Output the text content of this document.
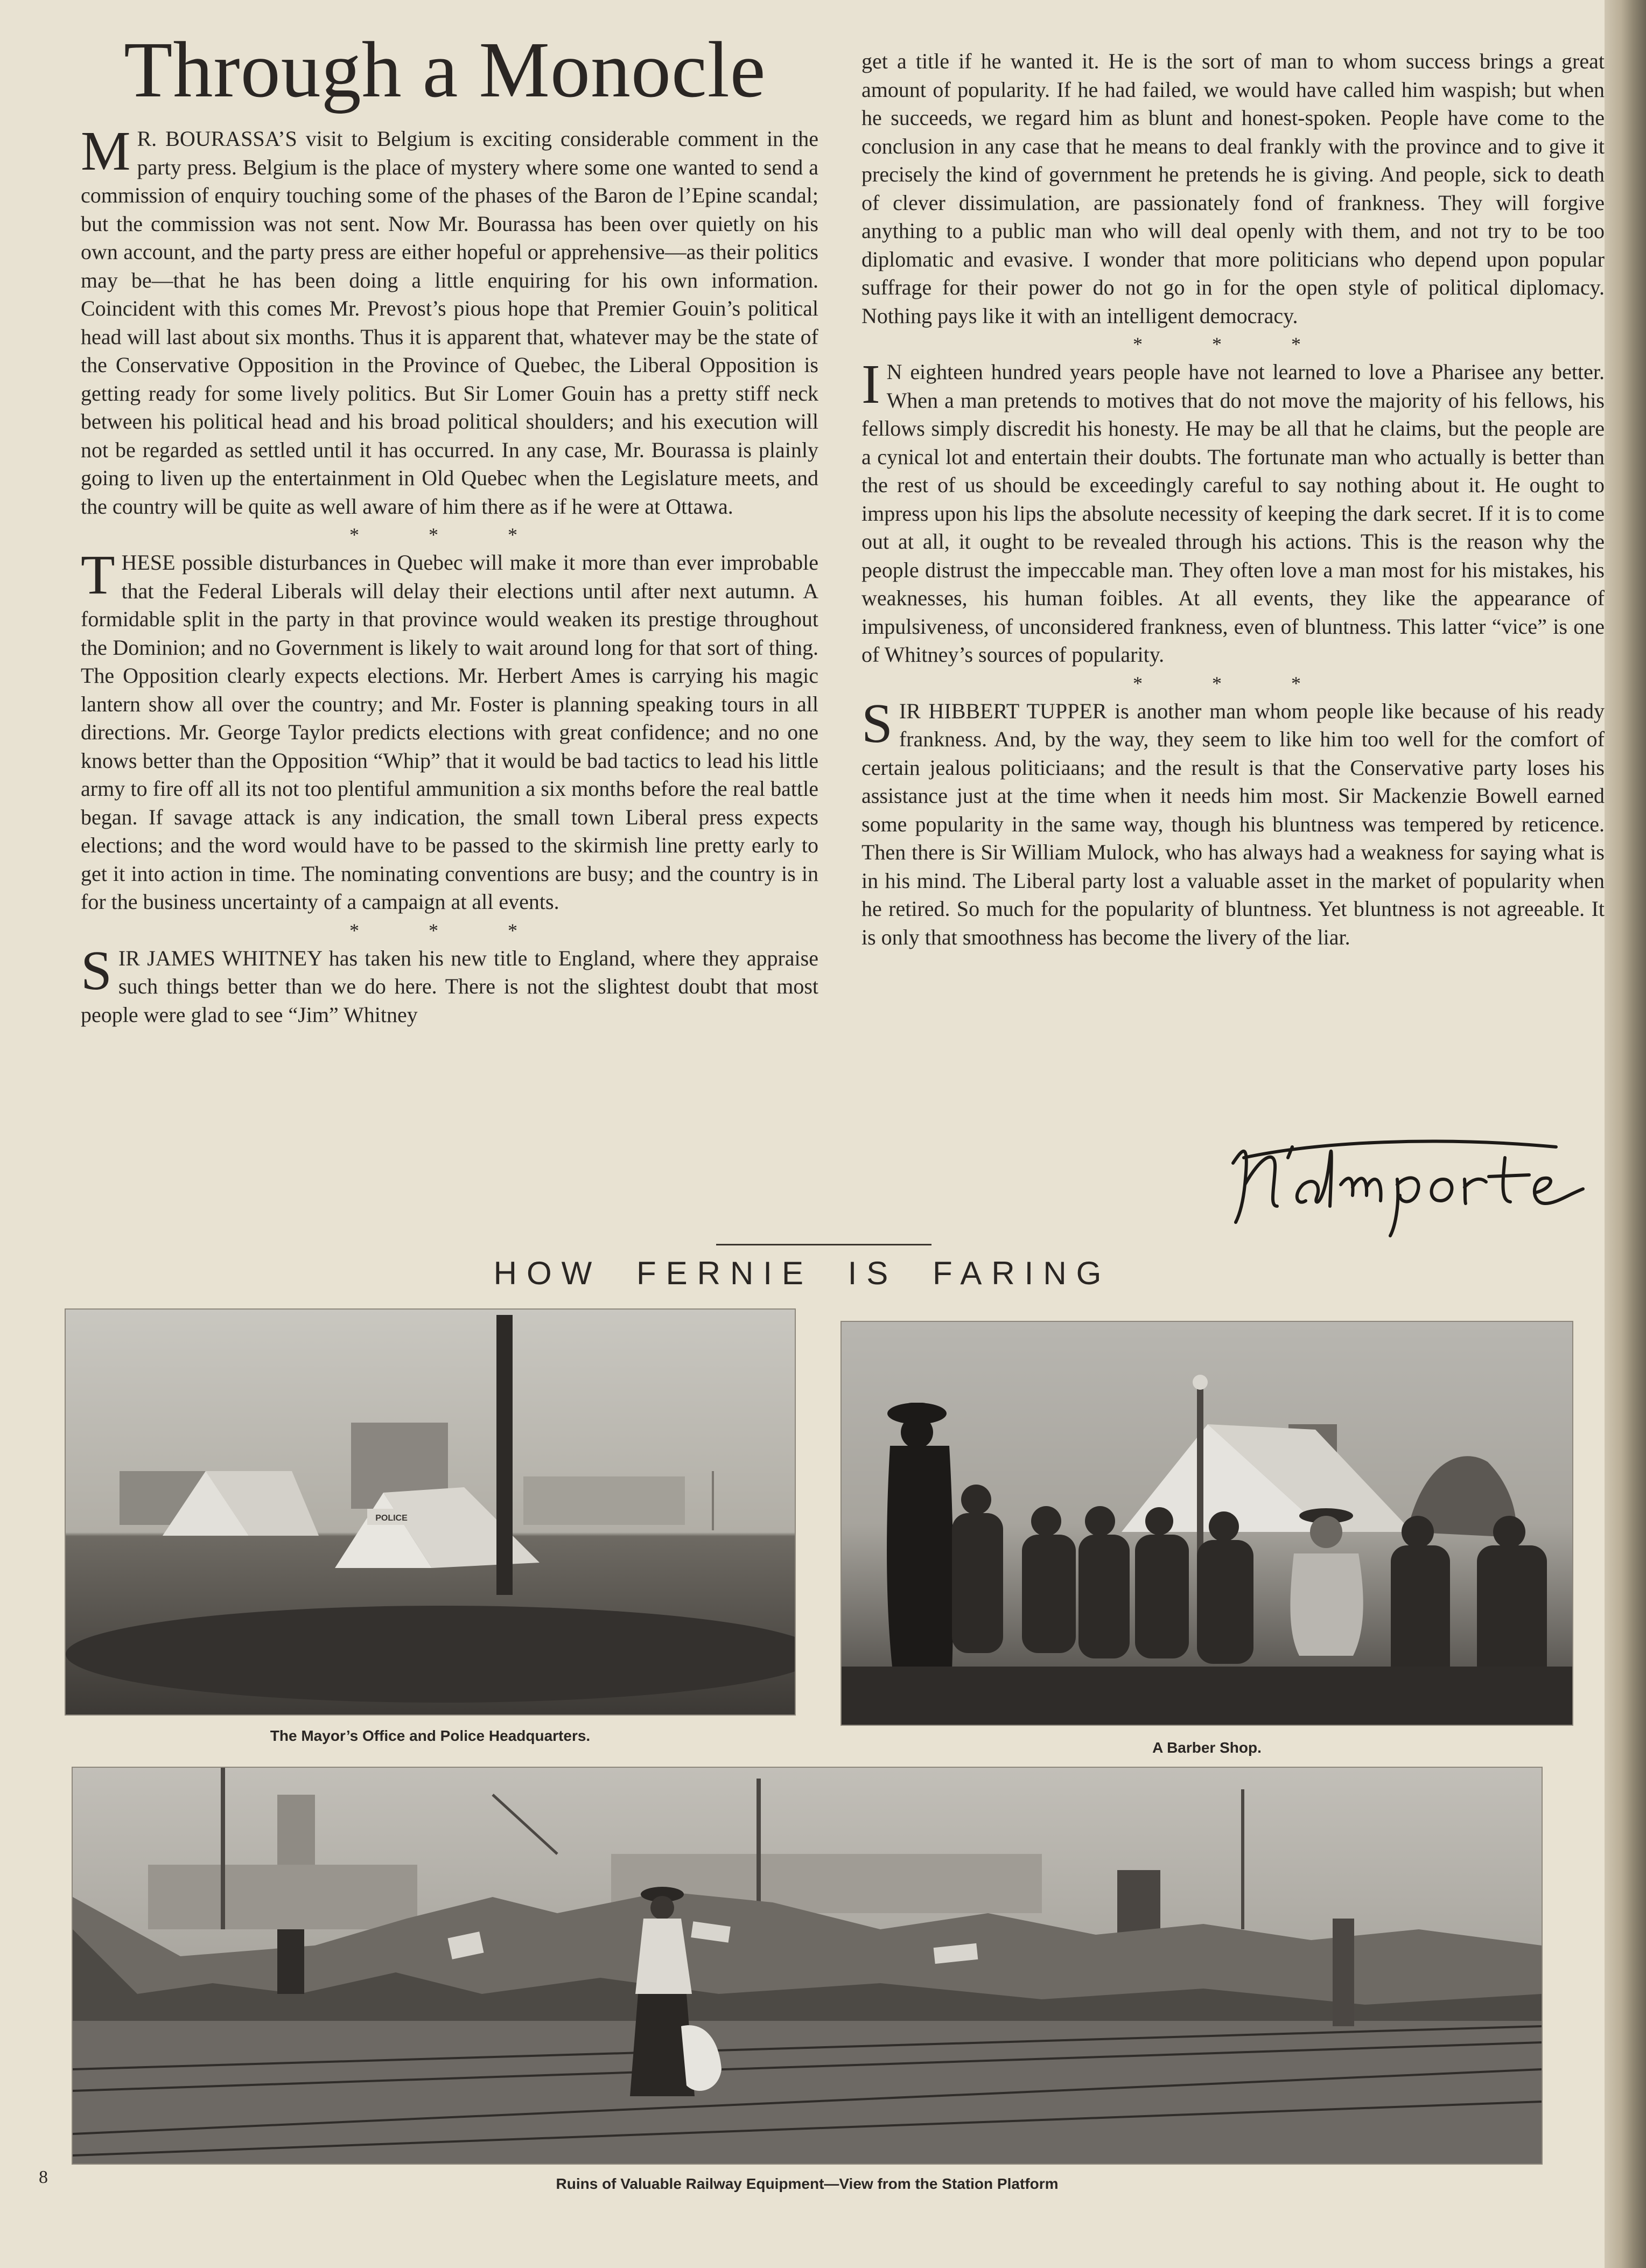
Through a Monocle

M R. BOURASSA’S visit to Belgium is exciting considerable comment in the party press. Belgium is the place of mystery where some one wanted to send a commission of enquiry touching some of the phases of the Baron de l’Epine scandal; but the commission was not sent. Now Mr. Bourassa has been over quietly on his own account, and the party press are either hopeful or apprehensive—as their politics may be—that he has been doing a little enquiring for his own information. Coincident with this comes Mr. Prevost’s pious hope that Premier Gouin’s political head will last about six months. Thus it is apparent that, whatever may be the state of the Conservative Opposition in the Province of Quebec, the Liberal Opposition is getting ready for some lively politics. But Sir Lomer Gouin has a pretty stiff neck between his political head and his broad political shoulders; and his execution will not be regarded as settled until it has occurred. In any case, Mr. Bourassa is plainly going to liven up the entertainment in Old Quebec when the Legislature meets, and the country will be quite as well aware of him there as if he were at Ottawa.

* * *

THESE possible disturbances in Quebec will make it more than ever improbable that the Federal Liberals will delay their elections until after next autumn. A formidable split in the party in that province would weaken its prestige throughout the Dominion; and no Government is likely to wait around long for that sort of thing. The Opposition clearly expects elections. Mr. Herbert Ames is carrying his magic lantern show all over the country; and Mr. Foster is planning speaking tours in all directions. Mr. George Taylor predicts elections with great confidence; and no one knows better than the Opposition “Whip” that it would be bad tactics to lead his little army to fire off all its not too plentiful ammunition a six months before the real battle began. If savage attack is any indication, the small town Liberal press expects elections; and the word would have to be passed to the skirmish line pretty early to get it into action in time. The nominating conventions are busy; and the country is in for the business uncertainty of a campaign at all events.

* * *

SIR JAMES WHITNEY has taken his new title to England, where they appraise such things better than we do here. There is not the slightest doubt that most people were glad to see “Jim” Whitney

get a title if he wanted it. He is the sort of man to whom success brings a great amount of popularity. If he had failed, we would have called him waspish; but when he succeeds, we regard him as blunt and honest-spoken. People have come to the conclusion in any case that he means to deal frankly with the province and to give it precisely the kind of government he pretends he is giving. And people, sick to death of clever dissimulation, are passionately fond of frankness. They will forgive anything to a public man who will deal openly with them, and not try to be too diplomatic and evasive. I wonder that more politicians who depend upon popular suffrage for their power do not go in for the open style of political diplomacy. Nothing pays like it with an intelligent democracy.

* * *

I N eighteen hundred years people have not learned to love a Pharisee any better. When a man pretends to motives that do not move the majority of his fellows, his fellows simply discredit his honesty. He may be all that he claims, but the people are a cynical lot and entertain their doubts. The fortunate man who actually is better than the rest of us should be exceedingly careful to say nothing about it. He ought to impress upon his lips the absolute necessity of keeping the dark secret. If it is to come out at all, it ought to be revealed through his actions. This is the reason why the people distrust the impeccable man. They often love a man most for his mistakes, his weaknesses, his human foibles. At all events, they like the appearance of impulsiveness, of unconsidered frankness, even of bluntness. This latter “vice” is one of Whitney’s sources of popularity.

* * *

SIR HIBBERT TUPPER is another man whom people like because of his ready frankness. And, by the way, they seem to like him too well for the comfort of certain jealous politiciaans; and the result is that the Conservative party loses his assistance just at the time when it needs him most. Sir Mackenzie Bowell earned some popularity in the same way, though his bluntness was tempered by reticence. Then there is Sir William Mulock, who has always had a weakness for saying what is in his mind. The Liberal party lost a valuable asset in the market of popularity when he retired. So much for the popularity of bluntness. Yet bluntness is not agreeable. It is only that smoothness has become the livery of the liar.

HOW FERNIE IS FARING
POLICE
The Mayor’s Office and Police Headquarters.
A Barber Shop.
Ruins of Valuable Railway Equipment—View from the Station Platform
8
